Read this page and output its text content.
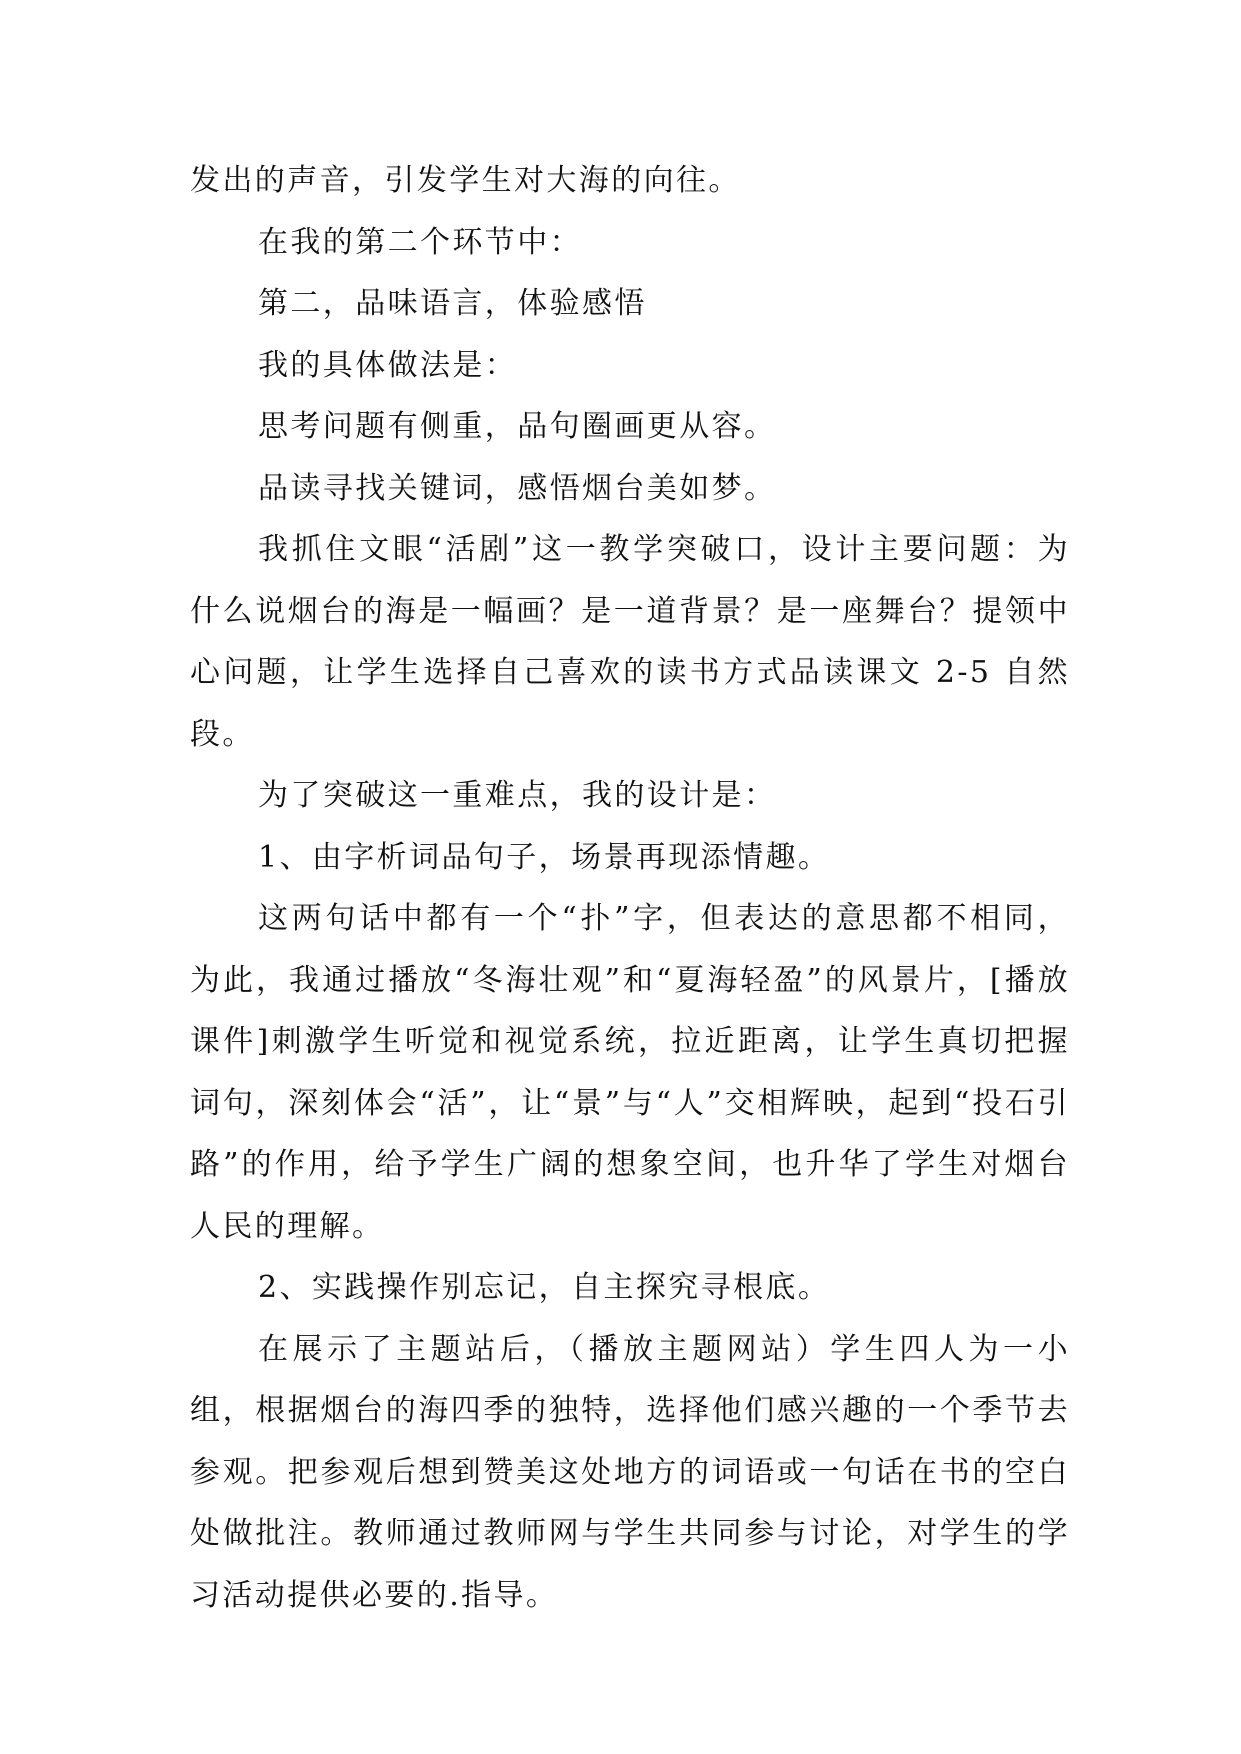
发出的声音，引发学生对大海的向往。

在我的第二个环节中：

第二，品味语言，体验感悟

我的具体做法是：

思考问题有侧重，品句圈画更从容。

品读寻找关键词，感悟烟台美如梦。

我抓住文眼“活剧”这一教学突破口，设计主要问题：为什么说烟台的海是一幅画？是一道背景？是一座舞台？提领中心问题，让学生选择自己喜欢的读书方式品读课文 2-5 自然段。

为了突破这一重难点，我的设计是：

1、由字析词品句子，场景再现添情趣。

这两句话中都有一个“扑”字，但表达的意思都不相同，为此，我通过播放“冬海壮观”和“夏海轻盈”的风景片，[播放课件]刺激学生听觉和视觉系统，拉近距离，让学生真切把握词句，深刻体会“活”，让“景”与“人”交相辉映，起到“投石引路”的作用，给予学生广阔的想象空间，也升华了学生对烟台人民的理解。

2、实践操作别忘记，自主探究寻根底。

在展示了主题站后，（播放主题网站）学生四人为一小组，根据烟台的海四季的独特，选择他们感兴趣的一个季节去参观。把参观后想到赞美这处地方的词语或一句话在书的空白处做批注。教师通过教师网与学生共同参与讨论，对学生的学习活动提供必要的.指导。
